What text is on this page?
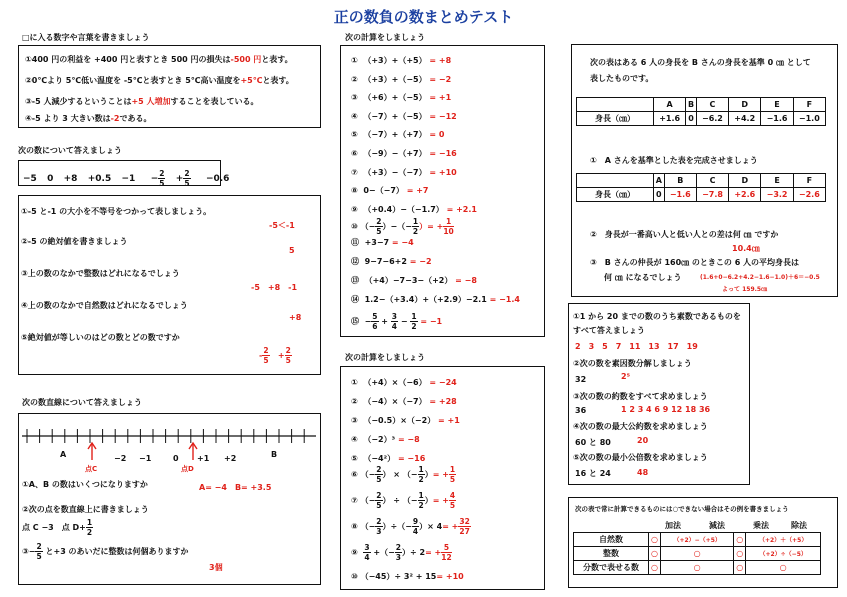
正の数負の数まとめテスト
□に入る数字や言葉を書きましょう
①400 円の利益を +400 円と表すとき 500 円の損失は-500 円と表す。
②0℃より 5℃低い温度を -5℃と表すとき 5℃高い温度を+5℃と表す。
③-5 人減少するということは+5 人増加することを表している。
④-5 より 3 大きい数は-2である。
次の数について答えましょう
−5 $0 +8 +0.5 -1 - \frac{2}{5} + \frac{2}{5} -0.6$
①-5 と-1 の大小を不等号をつかって表しましょう。
-5＜-1
②-5 の絶対値を書きましょう
5
③上の数のなかで整数はどれになるでしょう
-5　+8　-1
④上の数のなかで自然数はどれになるでしょう
+8
⑤絶対値が等しいのはどの数とどの数ですか
- $\frac{2}{5} + \frac{2}{5}$
次の数直線について答えましょう
A	−2 −1	0 +1 +2	B
点C	点D
①A、B の数はいくつになりますか	A= −4　B= +3.5
②次の点を数直線上に書きましょう
点 C −3　点 $D+ \frac{1}{2}$
③− $\frac{2}{5}$ と+3 のあいだに整数は何個ありますか
3個
次の計算をしましょう
① （+3）+（+5） = +8
② （+3）+（−5） = −2
③ （+6）+（−5） = +1
④ （−7）+（−5） = −12
⑤ （−7）+（+7） = 0
⑥ （−9）−（+7） = −16
⑦ （+3）−（−7） = +10
⑧ 0−（−7） = +7
⑨ （+0.4）−（−1.7） = +2.1
⑩ （− $\frac{2}{5}$ ）−（− $\frac{1}{2}$ ）= + $\frac{1}{10}$
⑪ +3−7 = −4
⑫ 9−7−6+2 = −2
⑬ （+4）−7−3−（+2） = −8
⑭ 1.2−（+3.4）+（+2.9）−2.1 = −1.4
⑮ − $\frac{5}{6} + \frac{3}{4} - \frac{1}{2} = -1$
次の計算をしましょう
① （+4）×（−6） = −24
② （−4）×（−7） = +28
③ （−0.5）×（−2） = +1
④ （−2）³ = −8
⑤ （−4²） = −16
⑥ （− $\frac{2}{5}$ ） × （− $\frac{1}{2}$ ）= + $\frac{1}{5}$
⑦ （− $\frac{2}{5}$ ） ÷ （− $\frac{1}{2}$ ）= + $\frac{4}{5}$
⑧ （− $\frac{2}{3}$ ）÷（− $\frac{9}{4}$ ）× $4= + \frac{32}{27}$
⑨ $\frac{3}{4}$ +（− $\frac{2}{3}$ ）÷ $2= + \frac{5}{12}$
⑩ （−45）÷ 3² + 15= +10
次の表はある 6 人の身長を B さんの身長を基準 0 ㎝ として
表したものです。
	A	B	C	D	E	F
身長（㎝）	+1.6	0	−6.2	+4.2	−1.6	−1.0
①　A さんを基準とした表を完成させましょう
	A	B	C	D	E	F
身長（㎝）	0	−1.6	−7.8	+2.6	−3.2	−2.6
②　身長が一番高い人と低い人との差は何 ㎝ ですか
10.4㎝
③　B さんの仲長が 160㎝ のときこの 6 人の平均身長は
何 ㎝ になるでしょう	(1.6+0−6.2+4.2−1.6−1.0)＋6＝−0.5
よって 159.5㎝
①1 から 20 までの数のうち素数であるものを
すべて答えましょう
2　3　5　7　11　13　17　19
②次の数を素因数分解しましょう
32	2⁵
③次の数の約数をすべて求めましょう
36	1 2 3 4 6 9 12 18 36
④次の数の最大公約数を求めましょう
60 と 80	20
⑤次の数の最小公倍数を求めましょう
16 と 24	48
次の表で常に計算できるものには○できない場合はその例を書きましょう
加法	減法	乗法	除法
自然数	○	（+2）−（+5）	○	（+2）＋（+5）
整数	○	○	○	（+2）÷（−5）
分数で表せる数	○	○	○	○
